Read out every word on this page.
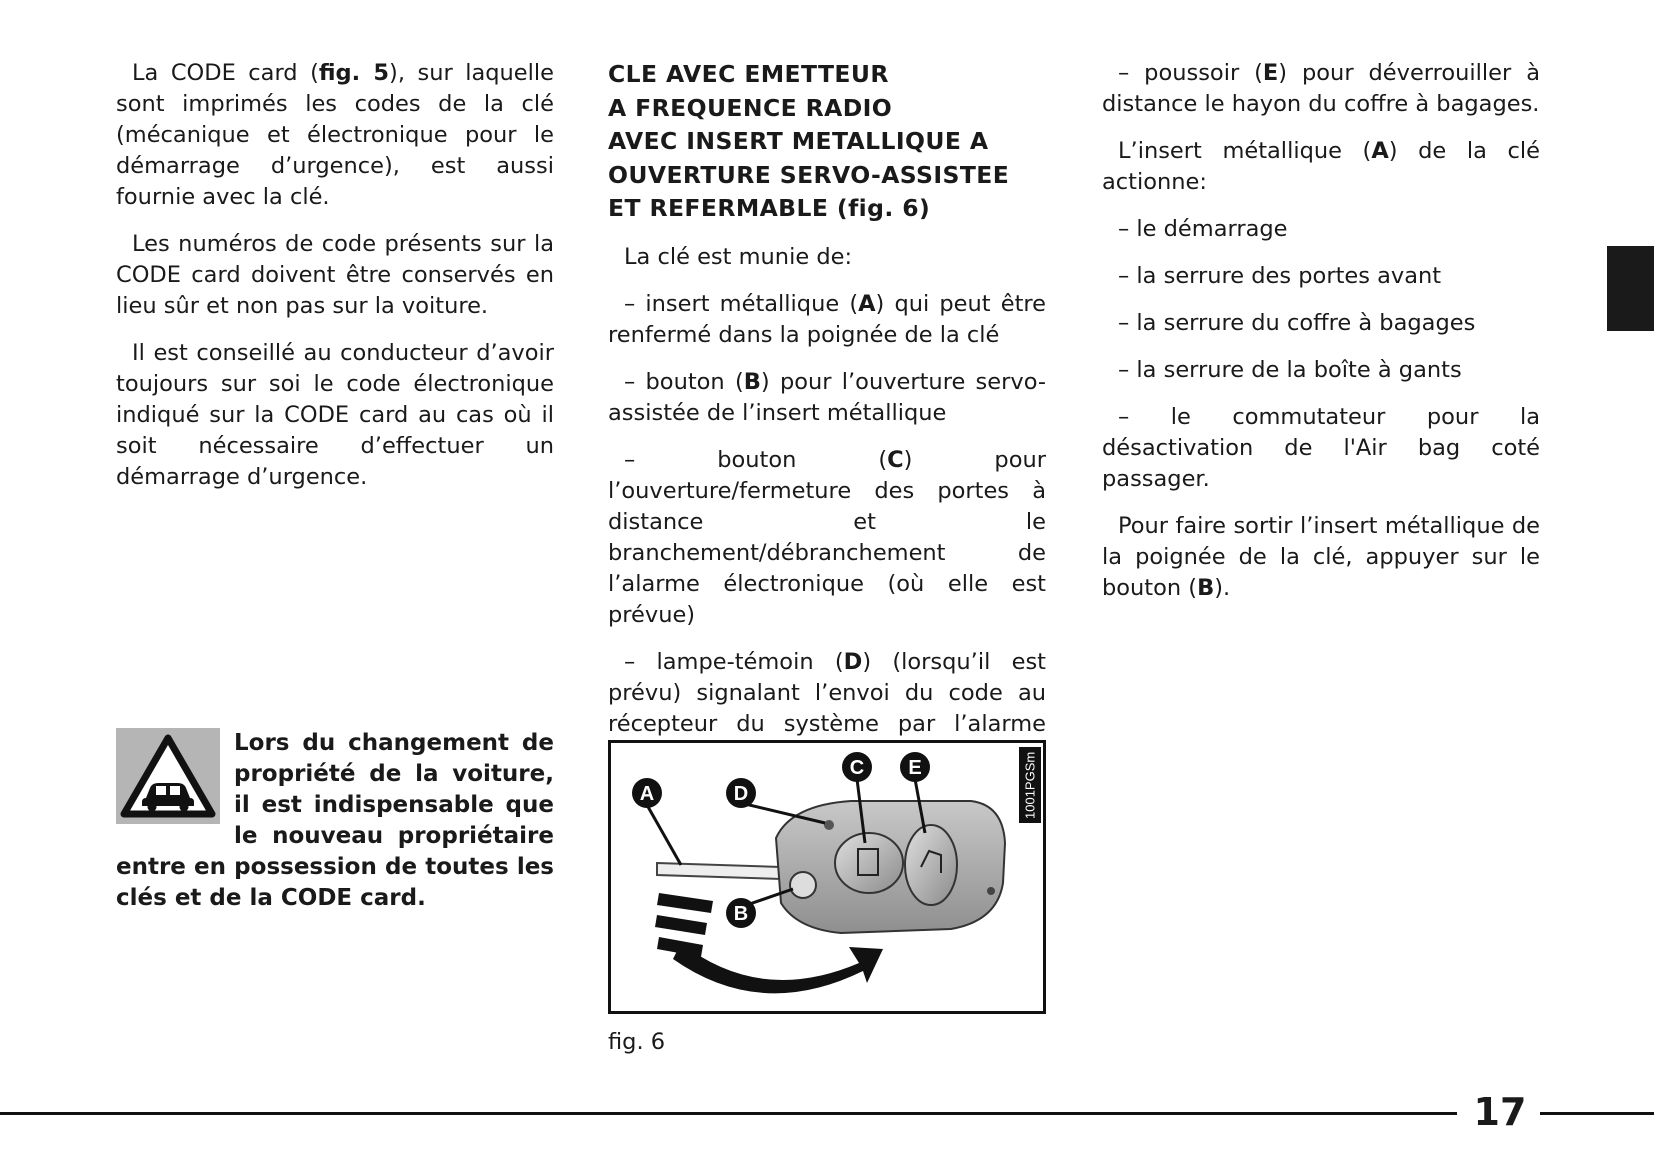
La CODE card (fig. 5), sur laquelle sont imprimés les codes de la clé (mécanique et électronique pour le démarrage d’urgence), est aussi fournie avec la clé.

Les numéros de code présents sur la CODE card doivent être conservés en lieu sûr et non pas sur la voiture.

Il est conseillé au conducteur d’avoir toujours sur soi le code électronique indiqué sur la CODE card au cas où il soit nécessaire d’effectuer un démarrage d’urgence.

Lors du changement de propriété de la voiture, il est indispensable que le nouveau propriétaire entre en possession de toutes les clés et de la CODE card.

CLE AVEC EMETTEUR
A FREQUENCE RADIO
AVEC INSERT METALLIQUE A
OUVERTURE SERVO-ASSISTEE
ET REFERMABLE (fig. 6)

La clé est munie de:

– insert métallique (A) qui peut être renfermé dans la poignée de la clé

– bouton (B) pour l’ouverture servo-assistée de l’insert métallique

– bouton (C) pour l’ouverture/fermeture des portes à distance et le branchement/débranchement de l’alarme électronique (où elle est prévue)

– lampe-témoin (D) (lorsqu’il est prévu) signalant l’envoi du code au récepteur du système par l’alarme

A	D
C E
B
1001PGSm
fig. 6

– poussoir (E) pour déverrouiller à distance le hayon du coffre à bagages.

L’insert métallique (A) de la clé actionne:

– le démarrage

– la serrure des portes avant

– la serrure du coffre à bagages

– la serrure de la boîte à gants

– le commutateur pour la désactivation de l'Air bag coté passager.

Pour faire sortir l’insert métallique de la poignée de la clé, appuyer sur le bouton (B).

17
